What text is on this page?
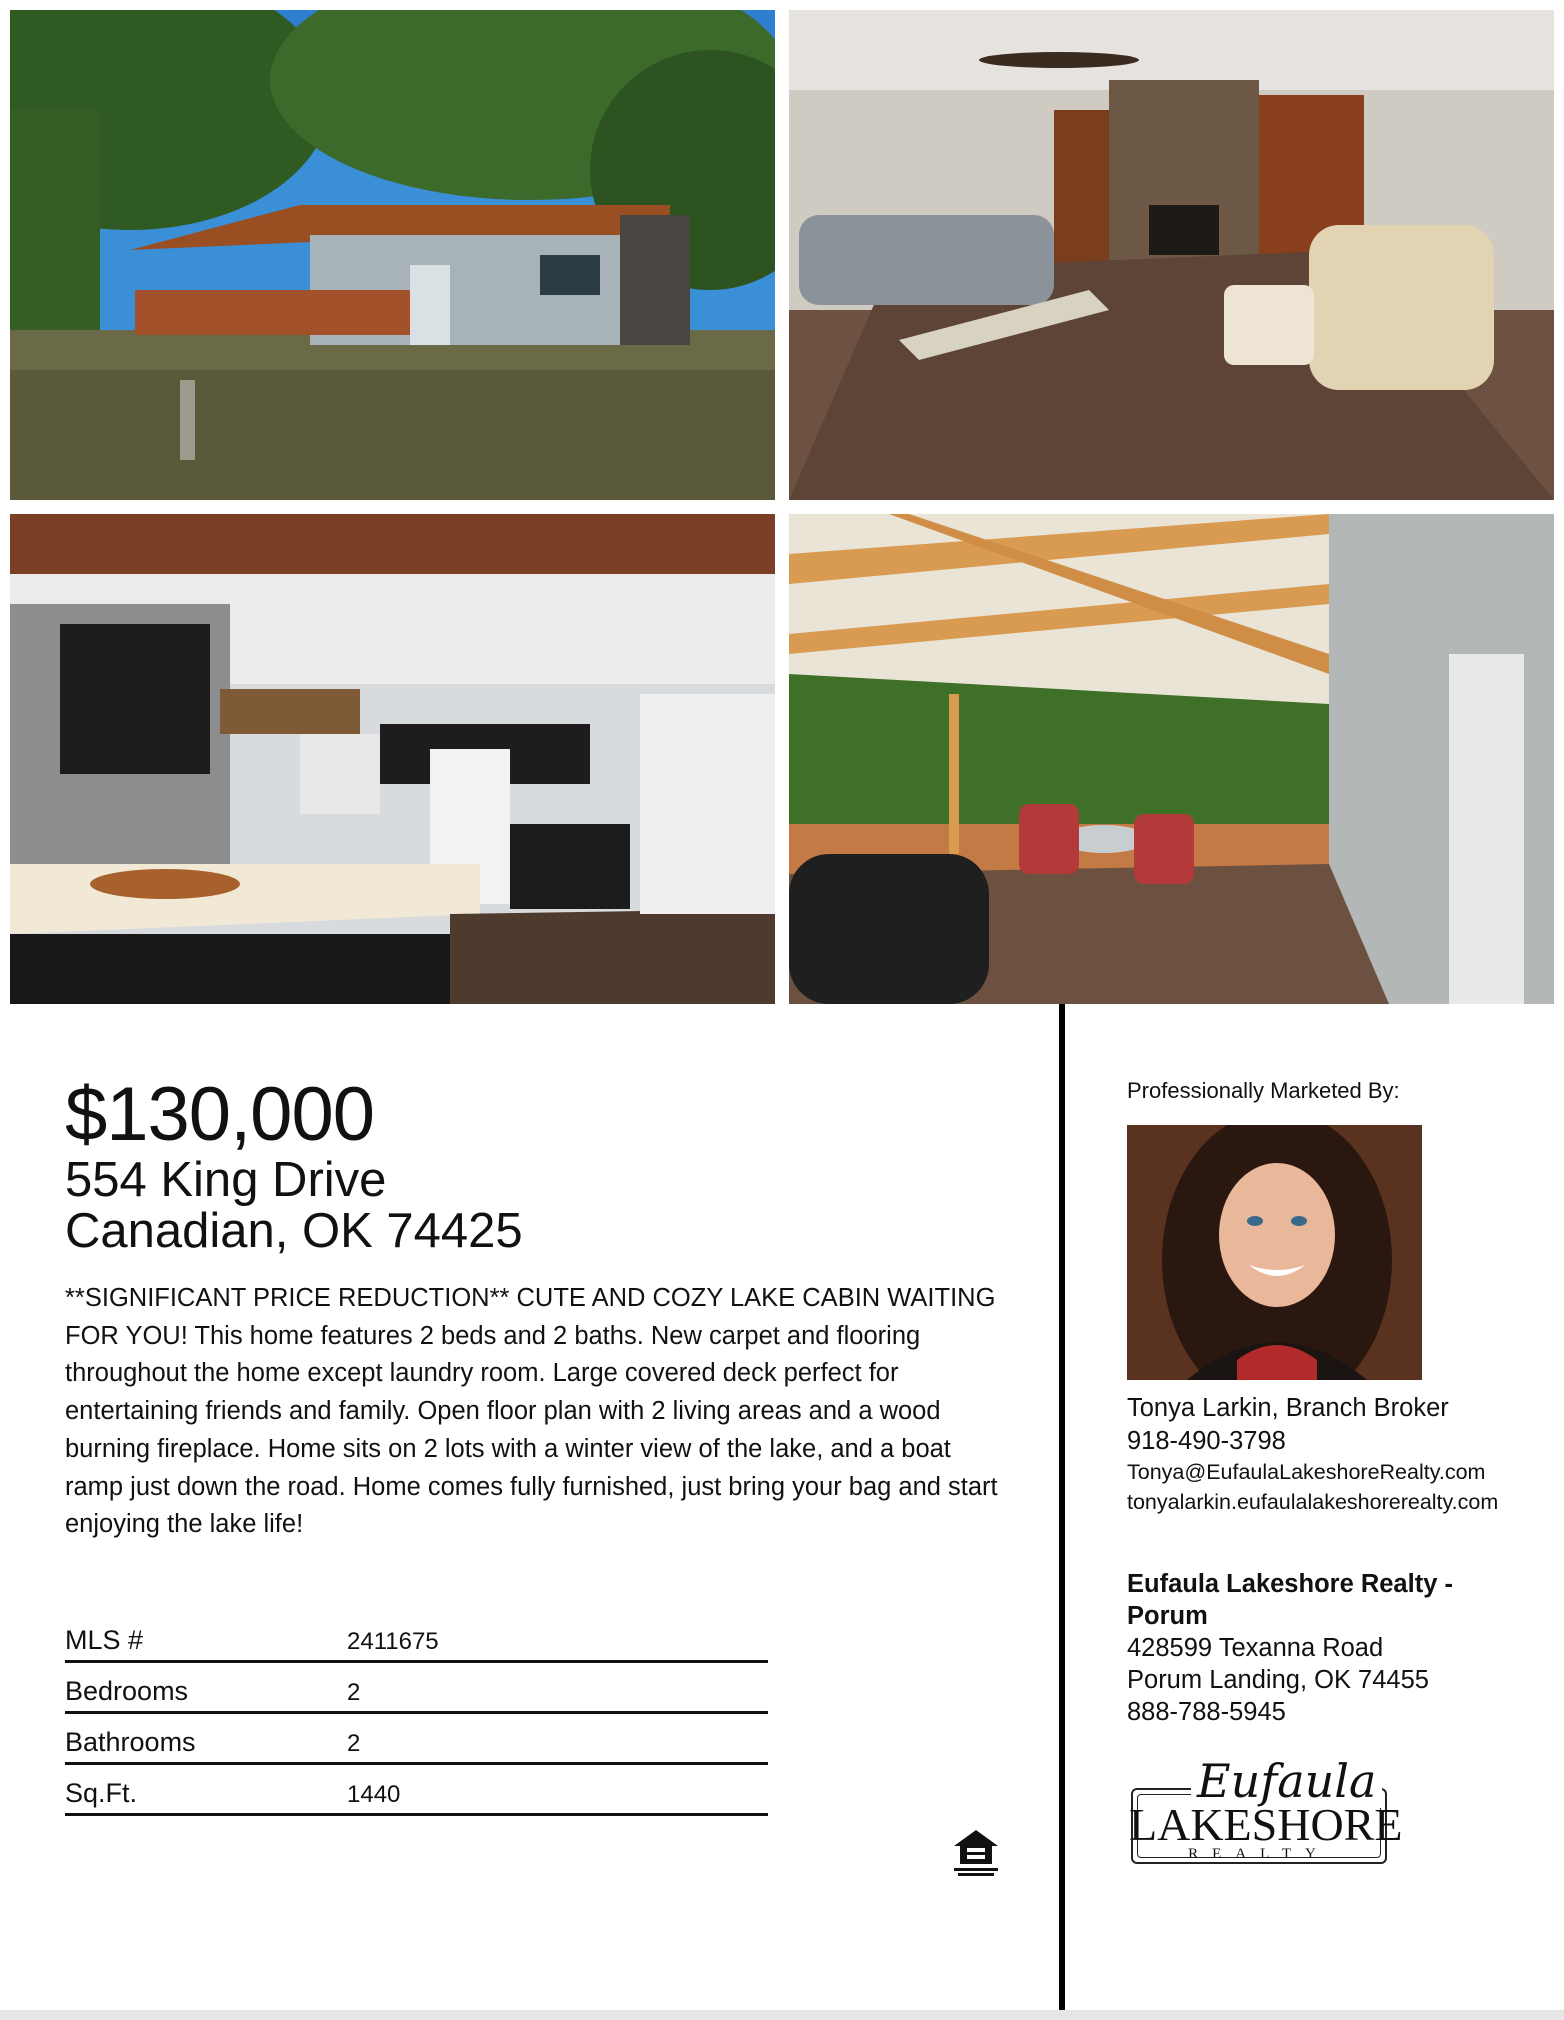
$130,000
554 King Drive
Canadian, OK 74425
**SIGNIFICANT PRICE REDUCTION** CUTE AND COZY LAKE CABIN WAITING FOR YOU! This home features 2 beds and 2 baths. New carpet and flooring throughout the home except laundry room. Large covered deck perfect for entertaining friends and family. Open floor plan with 2 living areas and a wood burning fireplace. Home sits on 2 lots with a winter view of the lake, and a boat ramp just down the road. Home comes fully furnished, just bring your bag and start enjoying the lake life!
MLS #	2411675
Bedrooms	2
Bathrooms	2
Sq.Ft.	1440
Professionally Marketed By:
Tonya Larkin, Branch Broker
918-490-3798
Tonya@EufaulaLakeshoreRealty.com
tonyalarkin.eufaulalakeshorerealty.com
Eufaula Lakeshore Realty - Porum
428599 Texanna Road
Porum Landing, OK 74455
888-788-5945
Eufaula
LAKESHORE
REALTY
